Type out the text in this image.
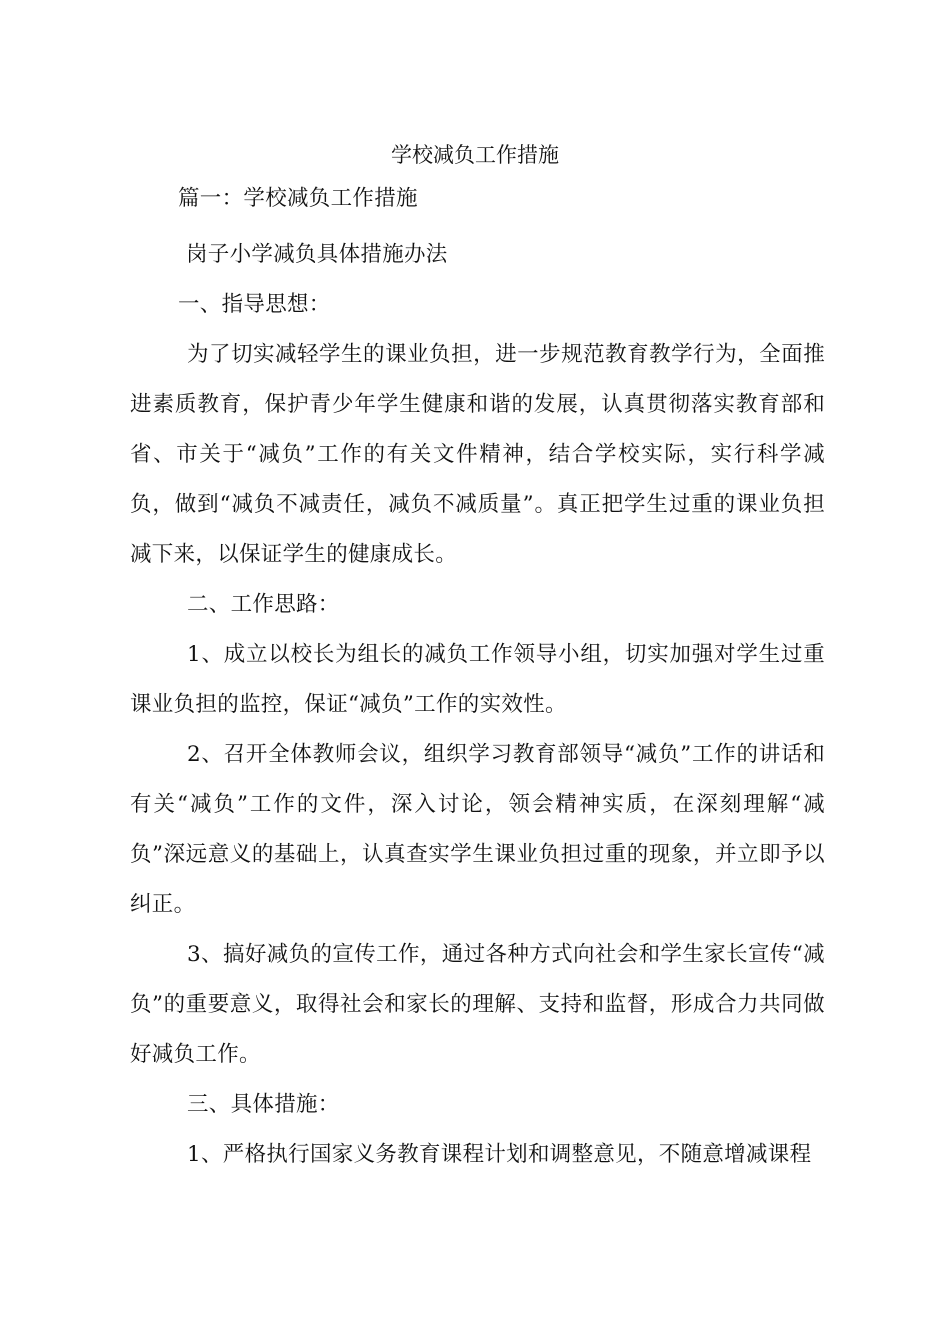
学校减负工作措施

篇一：学校减负工作措施

岗子小学减负具体措施办法

一、指导思想：

为了切实减轻学生的课业负担，进一步规范教育教学行为，全面推进素质教育，保护青少年学生健康和谐的发展，认真贯彻落实教育部和省、市关于“减负”工作的有关文件精神，结合学校实际，实行科学减负，做到“减负不减责任，减负不减质量”。真正把学生过重的课业负担减下来，以保证学生的健康成长。

二、工作思路：

1、成立以校长为组长的减负工作领导小组，切实加强对学生过重课业负担的监控，保证“减负”工作的实效性。

2、召开全体教师会议，组织学习教育部领导“减负”工作的讲话和有关“减负”工作的文件，深入讨论，领会精神实质，在深刻理解“减负”深远意义的基础上，认真查实学生课业负担过重的现象，并立即予以纠正。

3、搞好减负的宣传工作，通过各种方式向社会和学生家长宣传“减负”的重要意义，取得社会和家长的理解、支持和监督，形成合力共同做好减负工作。

三、具体措施：

1、严格执行国家义务教育课程计划和调整意见，不随意增减课程
